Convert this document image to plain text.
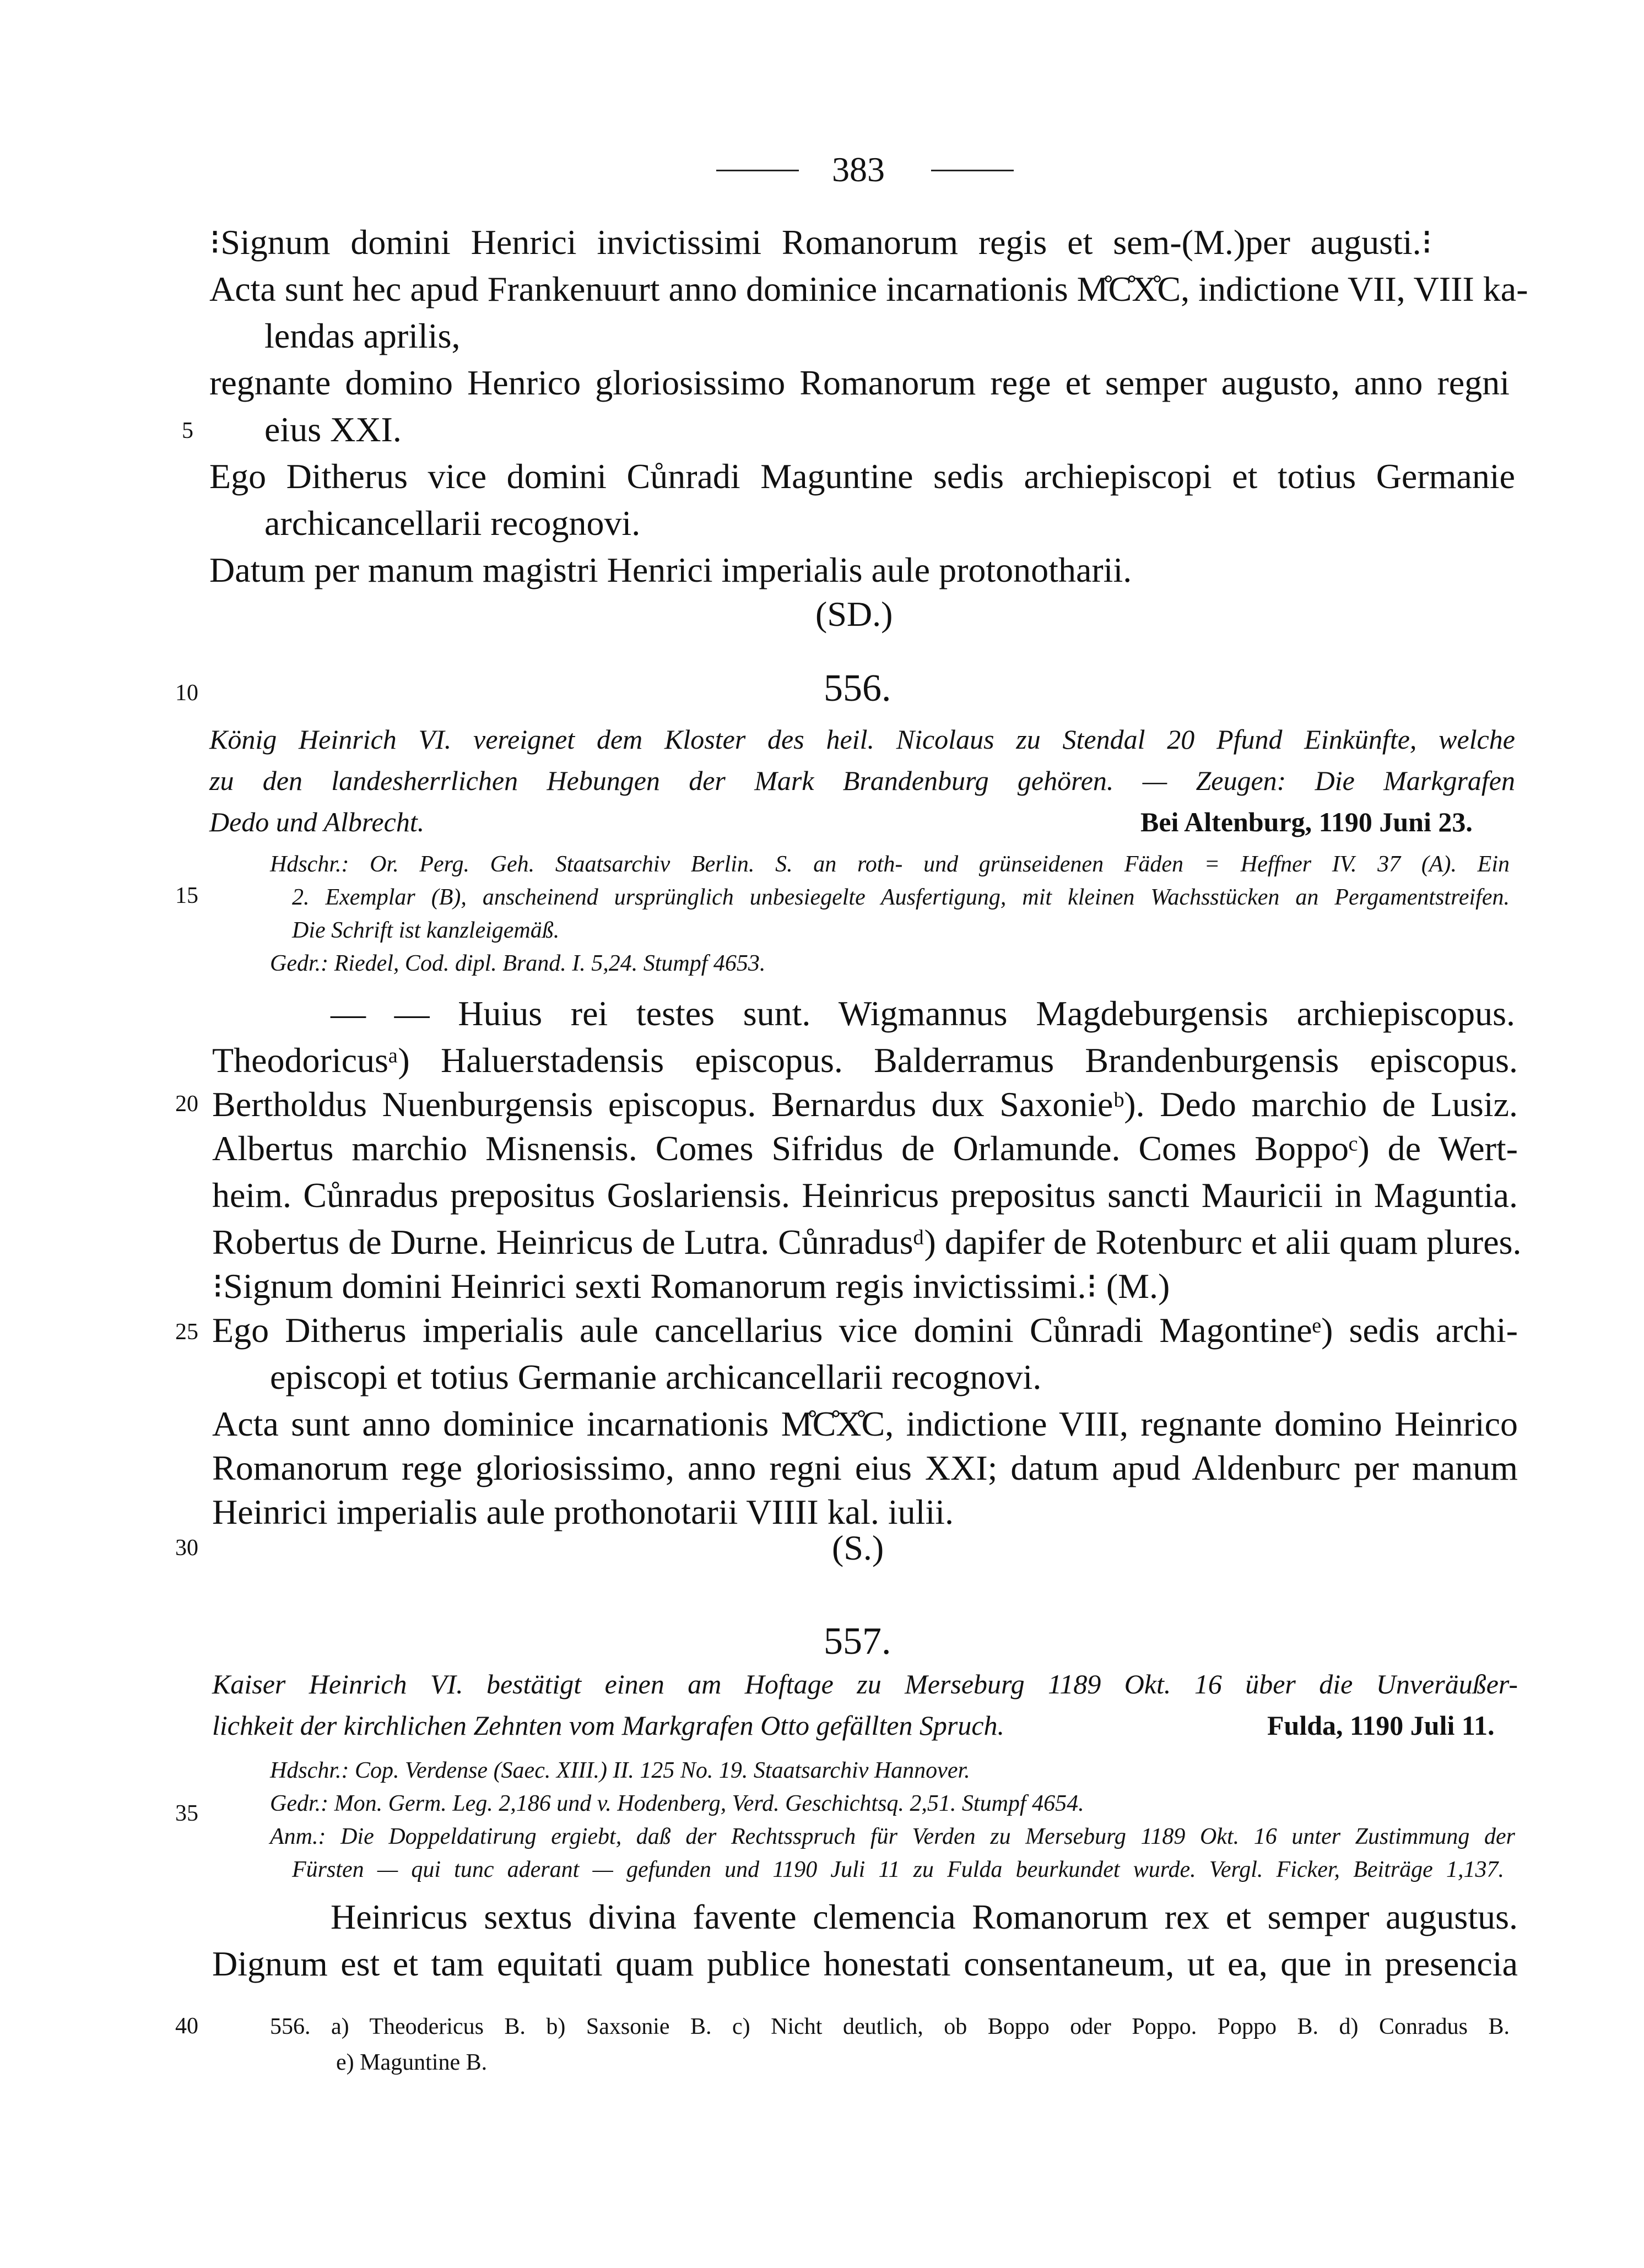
383
5
10
15
20
25
30
35
40
⁝Signum domini Henrici invictissimi Romanorum regis et sem-(M.)per augusti.⁝
Acta sunt hec apud Frankenuurt anno dominice incarnationis M̊C̊X̊C, indictione VII, VIII ka-
lendas aprilis,
regnante domino Henrico gloriosissimo Romanorum rege et semper augusto, anno regni
eius XXI.
Ego Ditherus vice domini Cůnradi Maguntine sedis archiepiscopi et totius Germanie
archicancellarii recognovi.
Datum per manum magistri Henrici imperialis aule protonotharii.
(SD.)
556.
König Heinrich VI. vereignet dem Kloster des heil. Nicolaus zu Stendal 20 Pfund Einkünfte, welche
zu den landesherrlichen Hebungen der Mark Brandenburg gehören. — Zeugen: Die Markgrafen
Dedo und Albrecht.	Bei Altenburg, 1190 Juni 23.
Hdschr.: Or. Perg. Geh. Staatsarchiv Berlin. S. an roth- und grünseidenen Fäden = Heffner IV. 37 (A). Ein
2. Exemplar (B), anscheinend ursprünglich unbesiegelte Ausfertigung, mit kleinen Wachsstücken an Pergamentstreifen.
Die Schrift ist kanzleigemäß.
Gedr.: Riedel, Cod. dipl. Brand. I. 5,24. Stumpf 4653.
— — Huius rei testes sunt. Wigmannus Magdeburgensis archiepiscopus.
Theodoricusᵃ) Haluerstadensis episcopus. Balderramus Brandenburgensis episcopus.
Bertholdus Nuenburgensis episcopus. Bernardus dux Saxonieᵇ). Dedo marchio de Lusiz.
Albertus marchio Misnensis. Comes Sifridus de Orlamunde. Comes Boppoᶜ) de Wert-
heim. Cůnradus prepositus Goslariensis. Heinricus prepositus sancti Mauricii in Maguntia.
Robertus de Durne. Heinricus de Lutra. Cůnradusᵈ) dapifer de Rotenburc et alii quam plures.
⁝Signum domini Heinrici sexti Romanorum regis invictissimi.⁝ (M.)
Ego Ditherus imperialis aule cancellarius vice domini Cůnradi Magontineᵉ) sedis archi-
episcopi et totius Germanie archicancellarii recognovi.
Acta sunt anno dominice incarnationis M̊C̊X̊C, indictione VIII, regnante domino Heinrico
Romanorum rege gloriosissimo, anno regni eius XXI; datum apud Aldenburc per manum
Heinrici imperialis aule prothonotarii VIIII kal. iulii.
(S.)
557.
Kaiser Heinrich VI. bestätigt einen am Hoftage zu Merseburg 1189 Okt. 16 über die Unveräußer-
lichkeit der kirchlichen Zehnten vom Markgrafen Otto gefällten Spruch.	Fulda, 1190 Juli 11.
Hdschr.: Cop. Verdense (Saec. XIII.) II. 125 No. 19. Staatsarchiv Hannover.
Gedr.: Mon. Germ. Leg. 2,186 und v. Hodenberg, Verd. Geschichtsq. 2,51. Stumpf 4654.
Anm.: Die Doppeldatirung ergiebt, daß der Rechtsspruch für Verden zu Merseburg 1189 Okt. 16 unter Zustimmung der
Fürsten — qui tunc aderant — gefunden und 1190 Juli 11 zu Fulda beurkundet wurde. Vergl. Ficker, Beiträge 1,137.
Heinricus sextus divina favente clemencia Romanorum rex et semper augustus.
Dignum est et tam equitati quam publice honestati consentaneum, ut ea, que in presencia
556. a) Theodericus B. b) Saxsonie B. c) Nicht deutlich, ob Boppo oder Poppo. Poppo B. d) Conradus B.
e) Maguntine B.
